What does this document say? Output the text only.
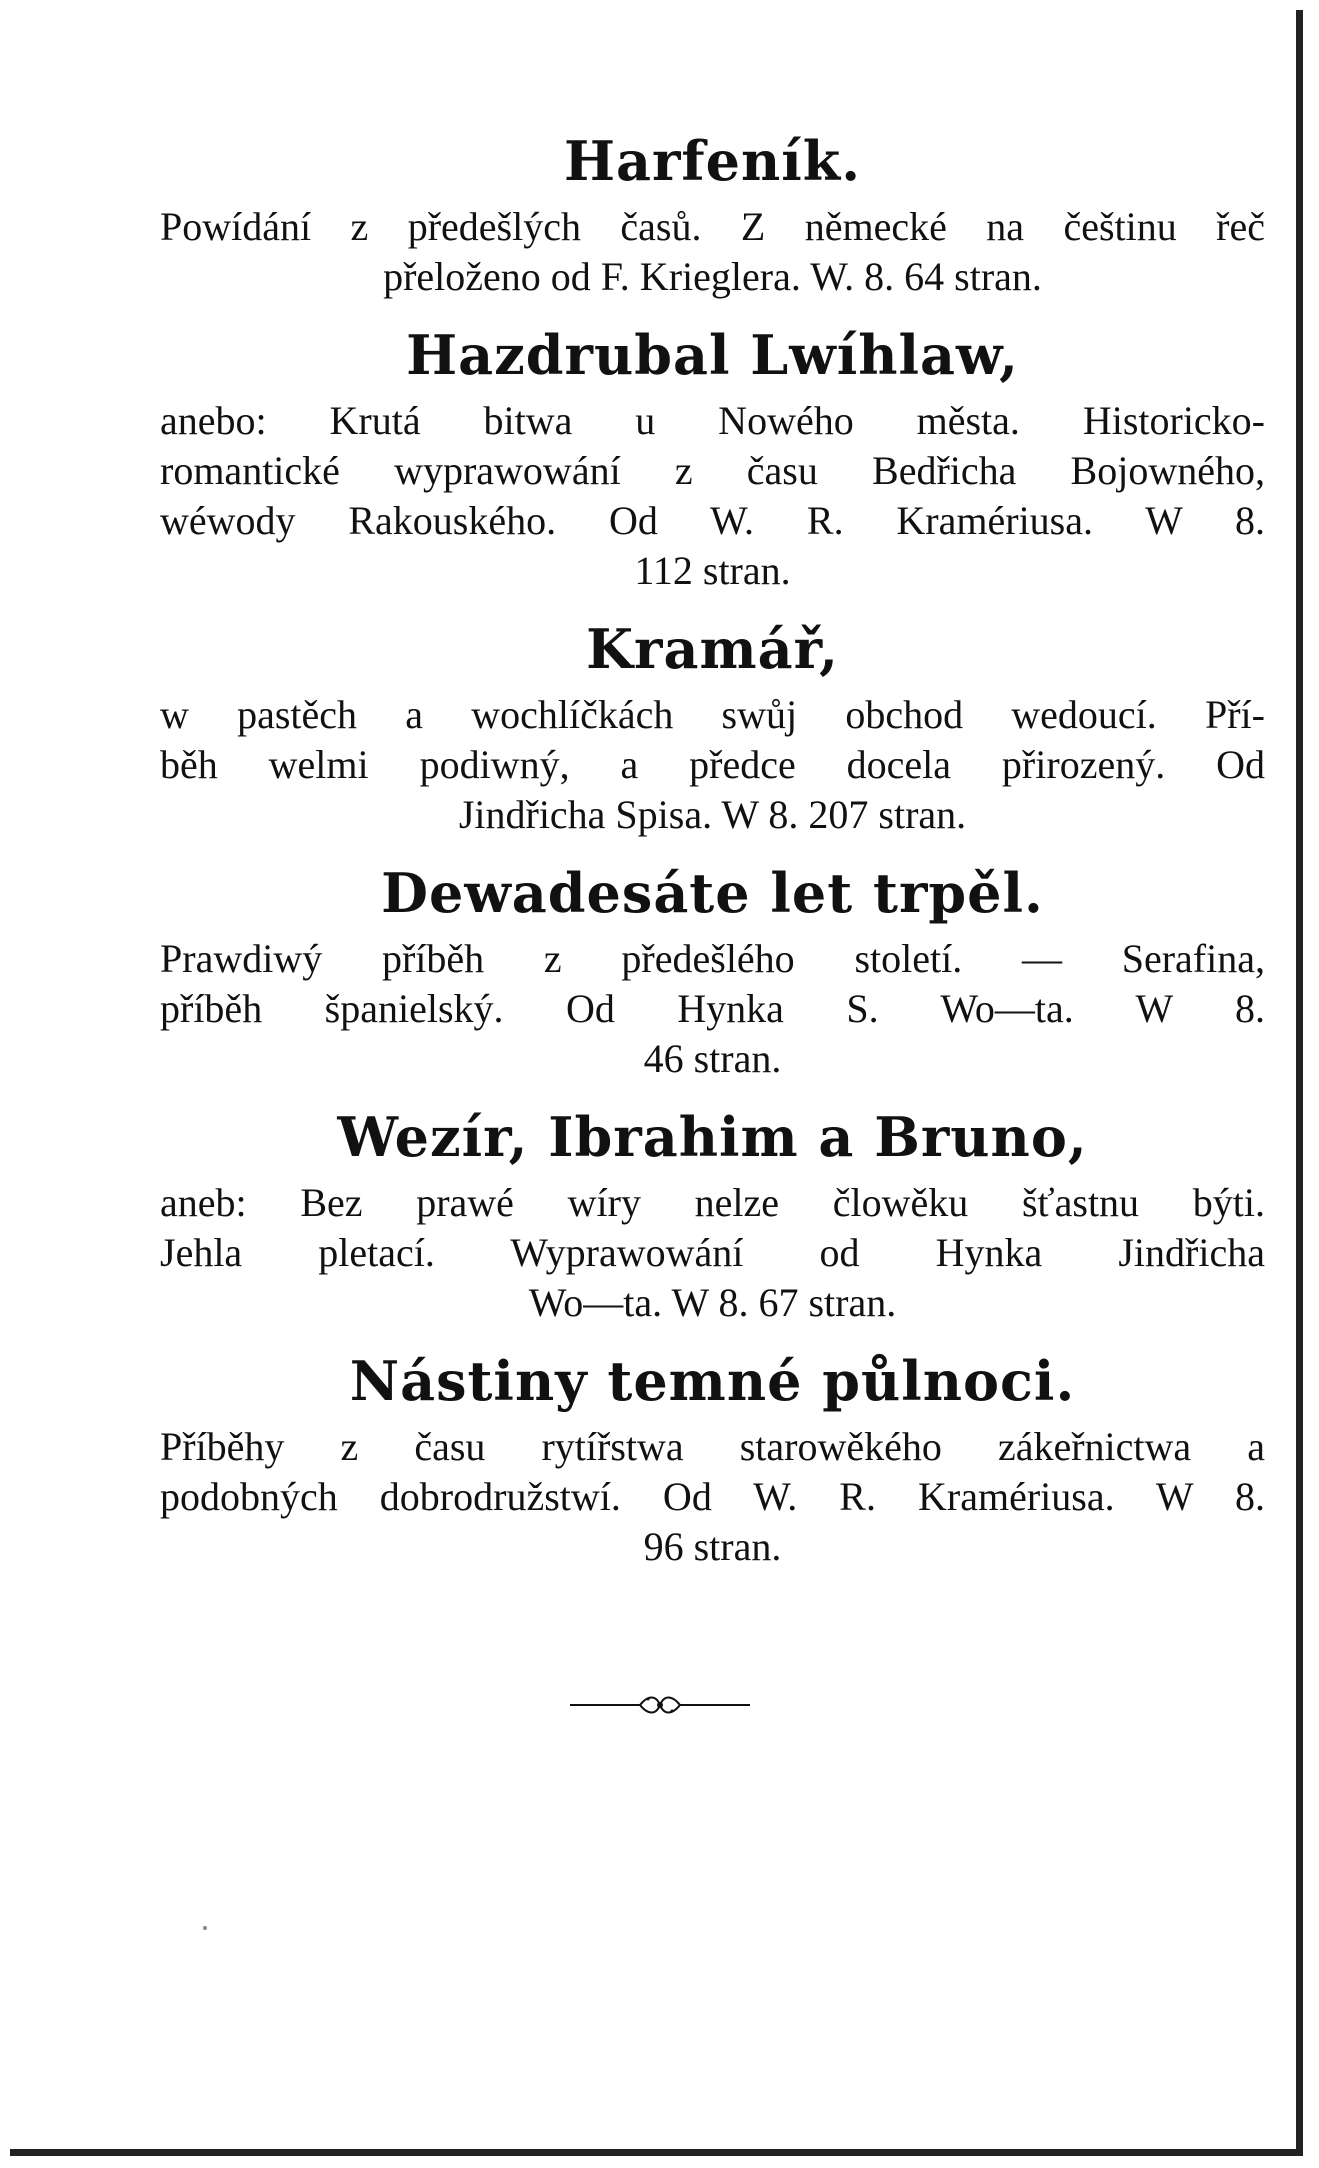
Harfeník.
Powídání z předešlých časů. Z německé na češtinu řeč
přeloženo od F. Krieglera. W. 8. 64 stran.
Hazdrubal Lwíhlaw,
anebo: Krutá bitwa u Nowého města. Historicko-
romantické wyprawowání z času Bedřicha Bojowného,
wéwody Rakouského. Od W. R. Kramériusa. W 8.
112 stran.
Kramář,
w pastěch a wochlíčkách swůj obchod wedoucí. Pří-
běh welmi podiwný, a předce docela přirozený. Od
Jindřicha Spisa. W 8. 207 stran.
Dewadesáte let trpěl.
Prawdiwý příběh z předešlého století. — Serafina,
příběh španielský. Od Hynka S. Wo—ta. W 8.
46 stran.
Wezír, Ibrahim a Bruno,
aneb: Bez prawé wíry nelze člowěku šťastnu býti.
Jehla pletací. Wyprawowání od Hynka Jindřicha
Wo—ta. W 8. 67 stran.
Nástiny temné půlnoci.
Příběhy z času rytířstwa starowěkého zákeřnictwa a
podobných dobrodružstwí. Od W. R. Kramériusa. W 8.
96 stran.
